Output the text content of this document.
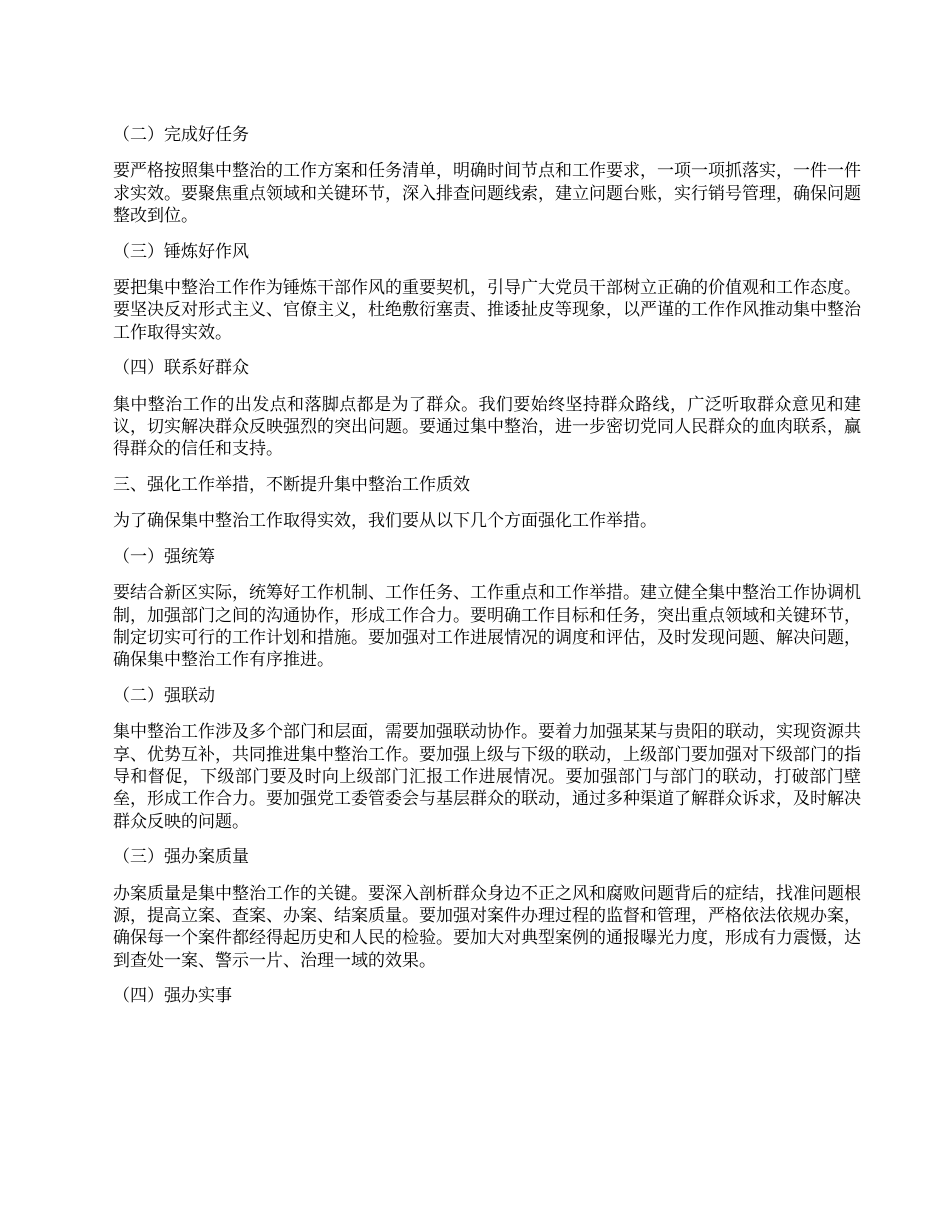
（二）完成好任务
要严格按照集中整治的工作方案和任务清单，明确时间节点和工作要求，一项一项抓落实，一件一件求实效。要聚焦重点领域和关键环节，深入排查问题线索，建立问题台账，实行销号管理，确保问题整改到位。
（三）锤炼好作风
要把集中整治工作作为锤炼干部作风的重要契机，引导广大党员干部树立正确的价值观和工作态度。要坚决反对形式主义、官僚主义，杜绝敷衍塞责、推诿扯皮等现象，以严谨的工作作风推动集中整治工作取得实效。
（四）联系好群众
集中整治工作的出发点和落脚点都是为了群众。我们要始终坚持群众路线，广泛听取群众意见和建议，切实解决群众反映强烈的突出问题。要通过集中整治，进一步密切党同人民群众的血肉联系，赢得群众的信任和支持。
三、强化工作举措，不断提升集中整治工作质效
为了确保集中整治工作取得实效，我们要从以下几个方面强化工作举措。
（一）强统筹
要结合新区实际，统筹好工作机制、工作任务、工作重点和工作举措。建立健全集中整治工作协调机制，加强部门之间的沟通协作，形成工作合力。要明确工作目标和任务，突出重点领域和关键环节，制定切实可行的工作计划和措施。要加强对工作进展情况的调度和评估，及时发现问题、解决问题，确保集中整治工作有序推进。
（二）强联动
集中整治工作涉及多个部门和层面，需要加强联动协作。要着力加强某某与贵阳的联动，实现资源共享、优势互补，共同推进集中整治工作。要加强上级与下级的联动，上级部门要加强对下级部门的指导和督促，下级部门要及时向上级部门汇报工作进展情况。要加强部门与部门的联动，打破部门壁垒，形成工作合力。要加强党工委管委会与基层群众的联动，通过多种渠道了解群众诉求，及时解决群众反映的问题。
（三）强办案质量
办案质量是集中整治工作的关键。要深入剖析群众身边不正之风和腐败问题背后的症结，找准问题根源，提高立案、查案、办案、结案质量。要加强对案件办理过程的监督和管理，严格依法依规办案，确保每一个案件都经得起历史和人民的检验。要加大对典型案例的通报曝光力度，形成有力震慑，达到查处一案、警示一片、治理一域的效果。
（四）强办实事
